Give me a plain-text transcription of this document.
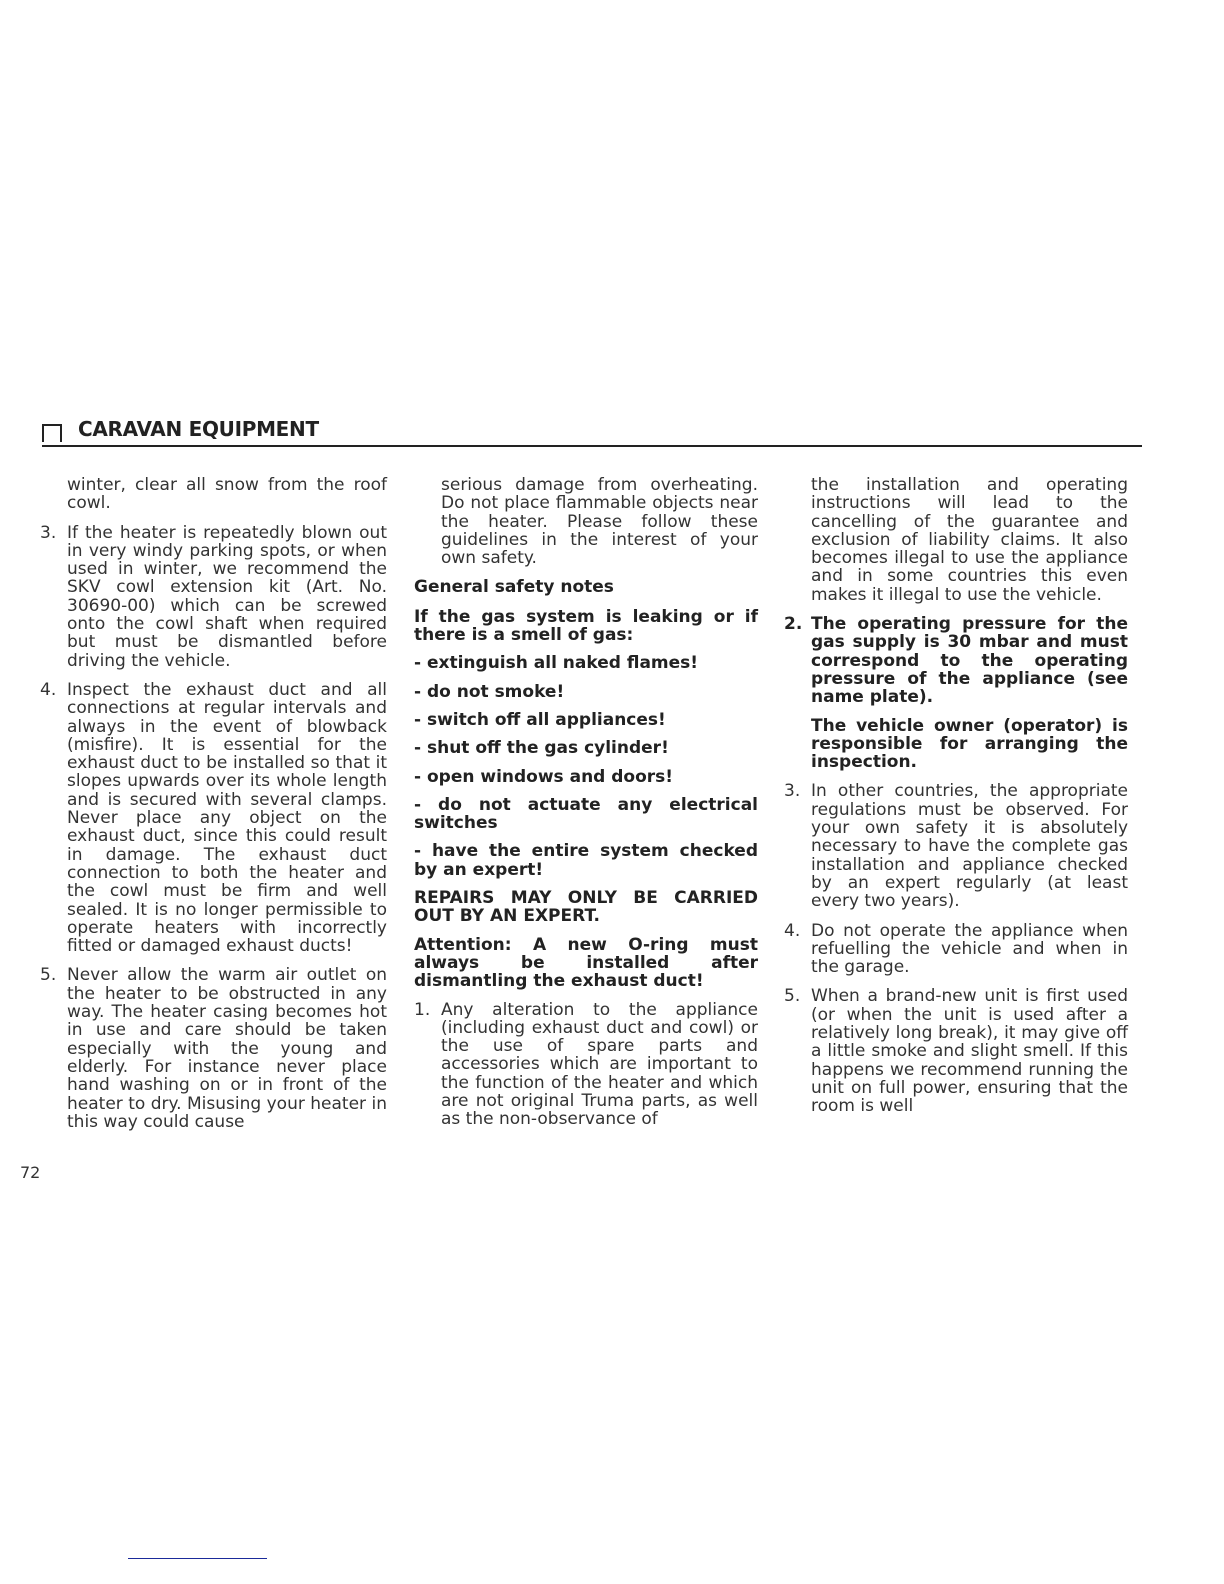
CARAVAN EQUIPMENT
winter, clear all snow from the roof cowl.
3. If the heater is repeatedly blown out in very windy parking spots, or when used in winter, we recommend the SKV cowl extension kit (Art. No. 30690-00) which can be screwed onto the cowl shaft when required but must be dismantled before driving the vehicle.
4. Inspect the exhaust duct and all connections at regular intervals and always in the event of blowback (misfire). It is essential for the exhaust duct to be installed so that it slopes upwards over its whole length and is secured with several clamps. Never place any object on the exhaust duct, since this could result in damage. The exhaust duct connection to both the heater and the cowl must be firm and well sealed. It is no longer permissible to operate heaters with incorrectly fitted or damaged exhaust ducts!
5. Never allow the warm air outlet on the heater to be obstructed in any way. The heater casing becomes hot in use and care should be taken especially with the young and elderly. For instance never place hand washing on or in front of the heater to dry. Misusing your heater in this way could cause
serious damage from overheating. Do not place flammable objects near the heater. Please follow these guidelines in the interest of your own safety.
General safety notes
If the gas system is leaking or if there is a smell of gas:
- extinguish all naked flames!
- do not smoke!
- switch off all appliances!
- shut off the gas cylinder!
- open windows and doors!
- do not actuate any electrical switches
- have the entire system checked by an expert!
REPAIRS MAY ONLY BE CARRIED OUT BY AN EXPERT.
Attention: A new O-ring must always be installed after dismantling the exhaust duct!
1. Any alteration to the appliance (including exhaust duct and cowl) or the use of spare parts and accessories which are important to the function of the heater and which are not original Truma parts, as well as the non-observance of
the installation and operating instructions will lead to the cancelling of the guarantee and exclusion of liability claims. It also becomes illegal to use the appliance and in some countries this even makes it illegal to use the vehicle.
2. The operating pressure for the gas supply is 30 mbar and must correspond to the operating pressure of the appliance (see name plate).
The vehicle owner (operator) is responsible for arranging the inspection.
3. In other countries, the appropriate regulations must be observed. For your own safety it is absolutely necessary to have the complete gas installation and appliance checked by an expert regularly (at least every two years).
4. Do not operate the appliance when refuelling the vehicle and when in the garage.
5. When a brand-new unit is first used (or when the unit is used after a relatively long break), it may give off a little smoke and slight smell. If this happens we recommend running the unit on full power, ensuring that the room is well
72
